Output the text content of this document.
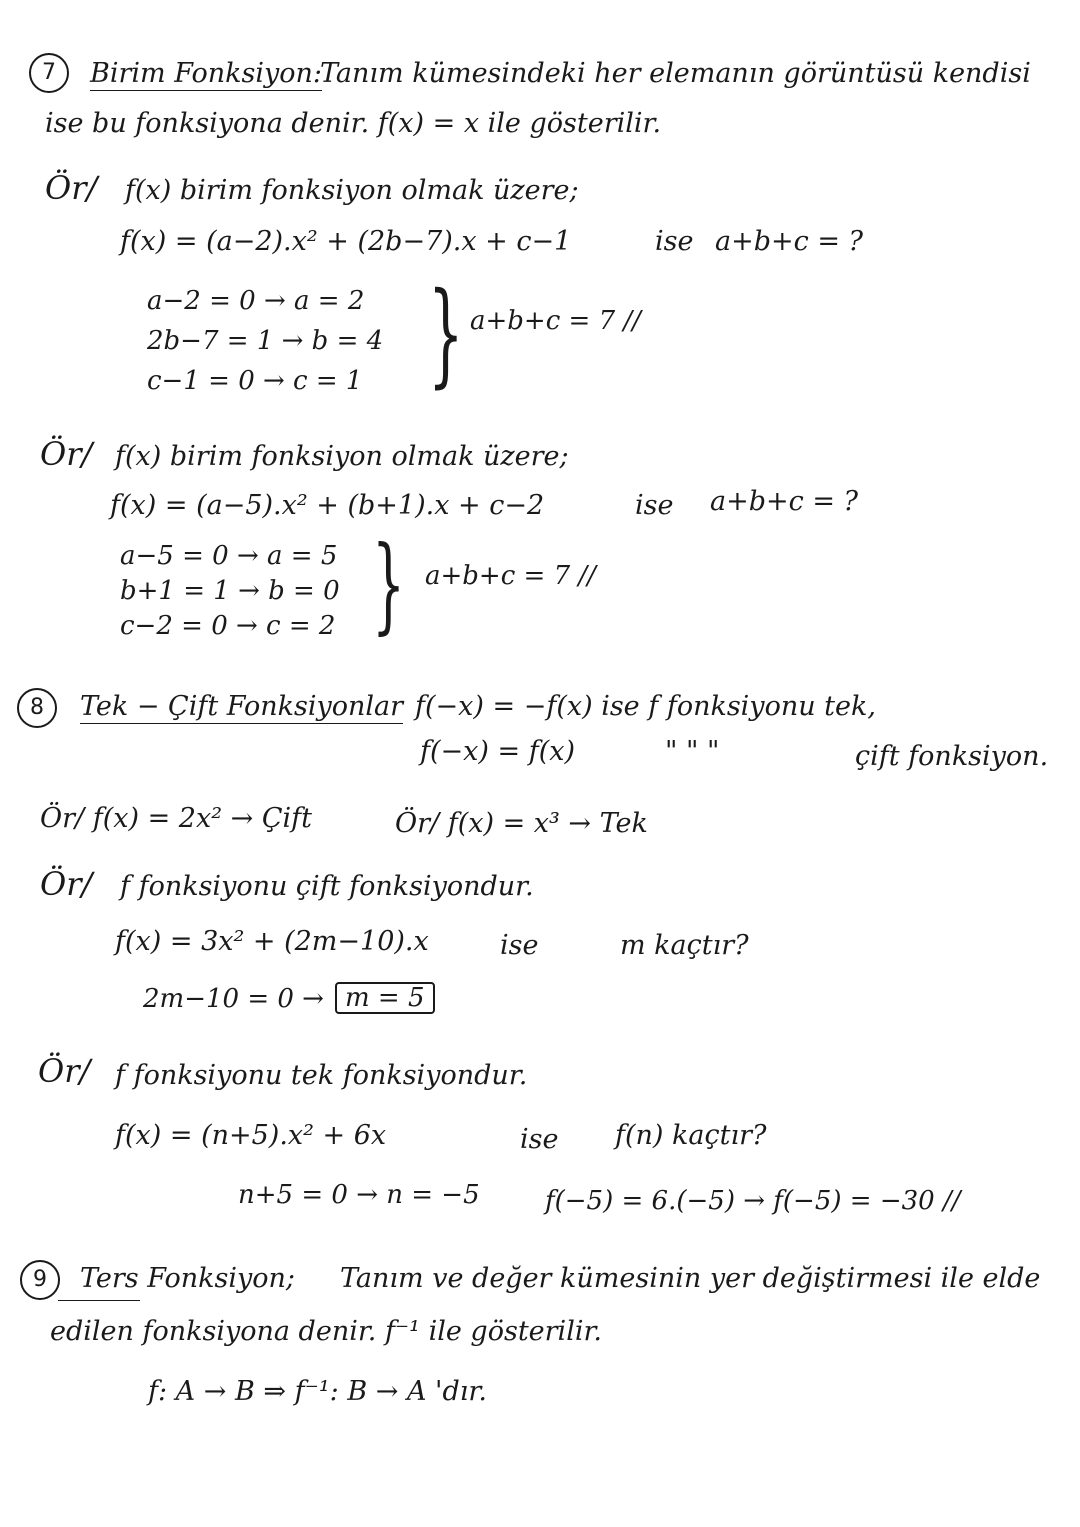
7	Birim Fonksiyon:
Tanım kümesindeki her elemanın görüntüsü kendisi
ise bu fonksiyona denir. f(x) = x ile gösterilir.
Ör/ f(x) birim fonksiyon olmak üzere;
f(x) = (a−2).x² + (2b−7).x + c−1	ise a+b+c = ?
a−2 = 0 → a = 2
2b−7 = 1 → b = 4
c−1 = 0 → c = 1 } a+b+c = 7 //
Ör/ f(x) birim fonksiyon olmak üzere;
f(x) = (a−5).x² + (b+1).x + c−2	ise a+b+c = ?
a−5 = 0 → a = 5
b+1 = 1 → b = 0
c−2 = 0 → c = 2 } a+b+c = 7 //
8	Tek − Çift Fonksiyonlar f(−x) = −f(x) ise f fonksiyonu tek,
f(−x) = f(x)	" " "	çift fonksiyon.
Ör/ f(x) = 2x² → Çift	Ör/ f(x) = x³ → Tek
Ör/ f fonksiyonu çift fonksiyondur.
f(x) = 3x² + (2m−10).x	ise	m kaçtır?
2m−10 = 0 → m = 5
Ör/ f fonksiyonu tek fonksiyondur.
f(x) = (n+5).x² + 6x	ise f(n) kaçtır?
n+5 = 0 → n = −5	f(−5) = 6.(−5) → f(−5) = −30 //
9	Ters Fonksiyon; Tanım ve değer kümesinin yer değiştirmesi ile elde
edilen fonksiyona denir. f⁻¹ ile gösterilir.
f: A → B ⇒ f⁻¹: B → A 'dır.
